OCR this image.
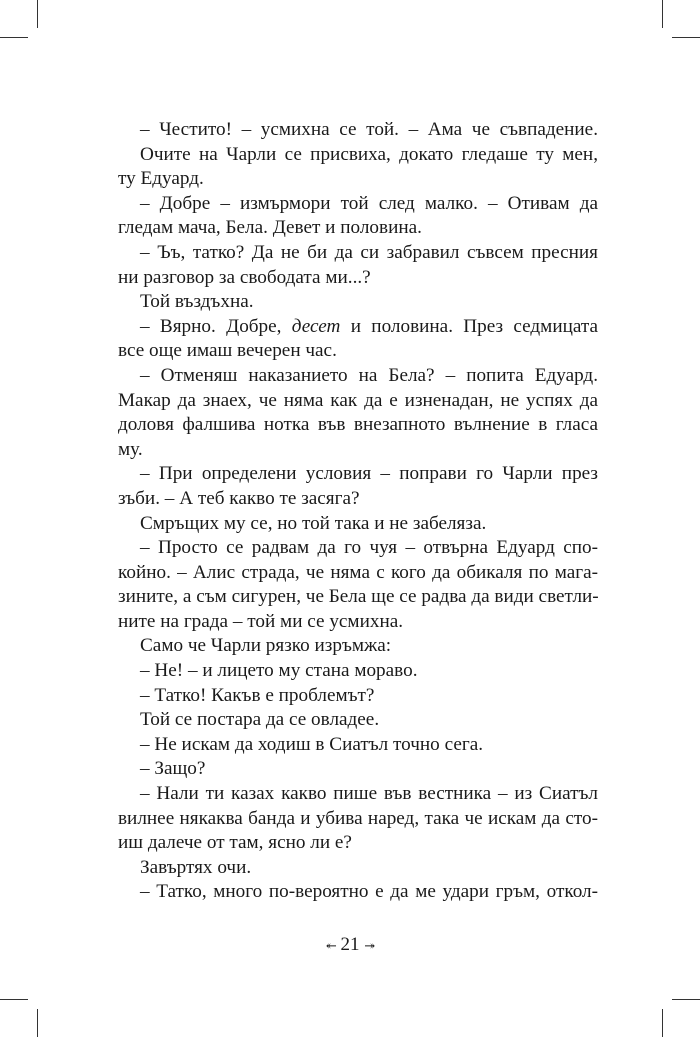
– Честито! – усмихна се той. – Ама че съвпадение.
Очите на Чарли се присвиха, докато гледаше ту мен,
ту Едуард.
– Добре – измърмори той след малко. – Отивам да
гледам мача, Бела. Девет и половина.
– Ъъ, татко? Да не би да си забравил съвсем пресния
ни разговор за свободата ми...?
Той въздъхна.
– Вярно. Добре, десет и половина. През седмицата
все още имаш вечерен час.
– Отменяш наказанието на Бела? – попита Едуард.
Макар да знаех, че няма как да е изненадан, не успях да
доловя фалшива нотка във внезапното вълнение в гласа
му.
– При определени условия – поправи го Чарли през
зъби. – А теб какво те засяга?
Смръщих му се, но той така и не забеляза.
– Просто се радвам да го чуя – отвърна Едуард спо-
койно. – Алис страда, че няма с кого да обикаля по мага-
зините, а съм сигурен, че Бела ще се радва да види светли-
ните на града – той ми се усмихна.
Само че Чарли рязко изръмжа:
– Не! – и лицето му стана мораво.
– Татко! Какъв е проблемът?
Той се постара да се овладее.
– Не искам да ходиш в Сиатъл точно сега.
– Защо?
– Нали ти казах какво пише във вестника – из Сиатъл
вилнее някаква банда и убива наред, така че искам да сто-
иш далече от там, ясно ли е?
Завъртях очи.
– Татко, много по-вероятно е да ме удари гръм, откол-
↞ 21 ↠
